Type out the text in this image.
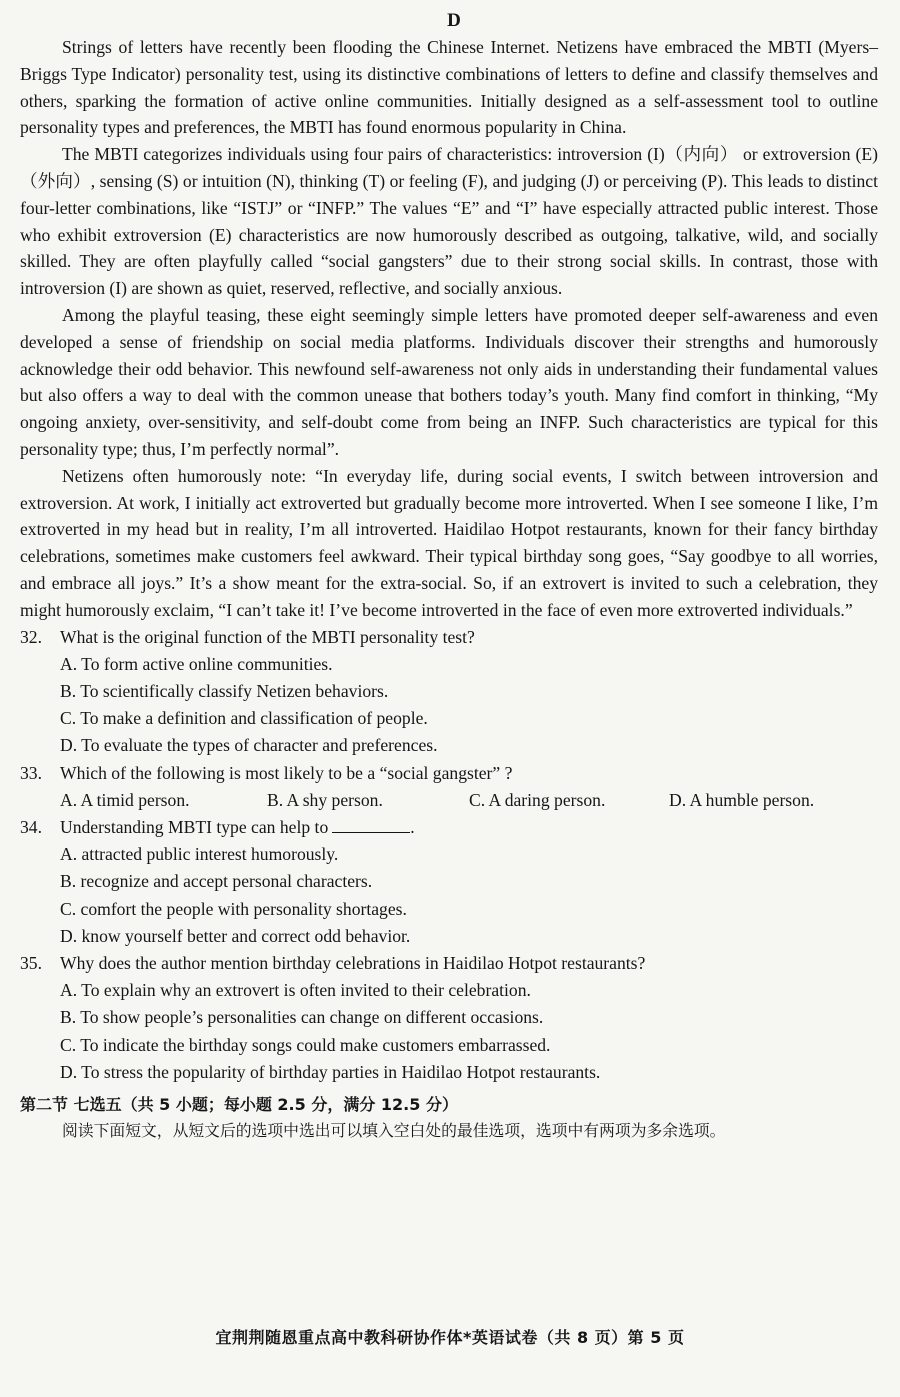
D

Strings of letters have recently been flooding the Chinese Internet. Netizens have embraced the MBTI (Myers–Briggs Type Indicator) personality test, using its distinctive combinations of letters to define and classify themselves and others, sparking the formation of active online communities. Initially designed as a self-assessment tool to outline personality types and preferences, the MBTI has found enormous popularity in China.

The MBTI categorizes individuals using four pairs of characteristics: introversion (I)（内向） or extroversion (E)（外向）, sensing (S) or intuition (N), thinking (T) or feeling (F), and judging (J) or perceiving (P). This leads to distinct four-letter combinations, like “ISTJ” or “INFP.” The values “E” and “I” have especially attracted public interest. Those who exhibit extroversion (E) characteristics are now humorously described as outgoing, talkative, wild, and socially skilled. They are often playfully called “social gangsters” due to their strong social skills. In contrast, those with introversion (I) are shown as quiet, reserved, reflective, and socially anxious.

Among the playful teasing, these eight seemingly simple letters have promoted deeper self-awareness and even developed a sense of friendship on social media platforms. Individuals discover their strengths and humorously acknowledge their odd behavior. This newfound self-awareness not only aids in understanding their fundamental values but also offers a way to deal with the common unease that bothers today’s youth. Many find comfort in thinking, “My ongoing anxiety, over-sensitivity, and self-doubt come from being an INFP. Such characteristics are typical for this personality type; thus, I’m perfectly normal”.

Netizens often humorously note: “In everyday life, during social events, I switch between introversion and extroversion. At work, I initially act extroverted but gradually become more introverted. When I see someone I like, I’m extroverted in my head but in reality, I’m all introverted. Haidilao Hotpot restaurants, known for their fancy birthday celebrations, sometimes make customers feel awkward. Their typical birthday song goes, “Say goodbye to all worries, and embrace all joys.” It’s a show meant for the extra-social. So, if an extrovert is invited to such a celebration, they might humorously exclaim, “I can’t take it! I’ve become introverted in the face of even more extroverted individuals.”

32. What is the original function of the MBTI personality test?

A. To form active online communities.

B. To scientifically classify Netizen behaviors.

C. To make a definition and classification of people.

D. To evaluate the types of character and preferences.

33. Which of the following is most likely to be a “social gangster” ?

A. A timid person.	B. A shy person.	C. A daring person.	D. A humble person.

34. Understanding MBTI type can help to	.

A. attracted public interest humorously.

B. recognize and accept personal characters.

C. comfort the people with personality shortages.

D. know yourself better and correct odd behavior.

35. Why does the author mention birthday celebrations in Haidilao Hotpot restaurants?

A. To explain why an extrovert is often invited to their celebration.

B. To show people’s personalities can change on different occasions.

C. To indicate the birthday songs could make customers embarrassed.

D. To stress the popularity of birthday parties in Haidilao Hotpot restaurants.

第二节 七选五（共 5 小题；每小题 2.5 分，满分 12.5 分）
阅读下面短文，从短文后的选项中选出可以填入空白处的最佳选项，选项中有两项为多余选项。
宜荆荆随恩重点高中教科研协作体*英语试卷（共 8 页）第 5 页
